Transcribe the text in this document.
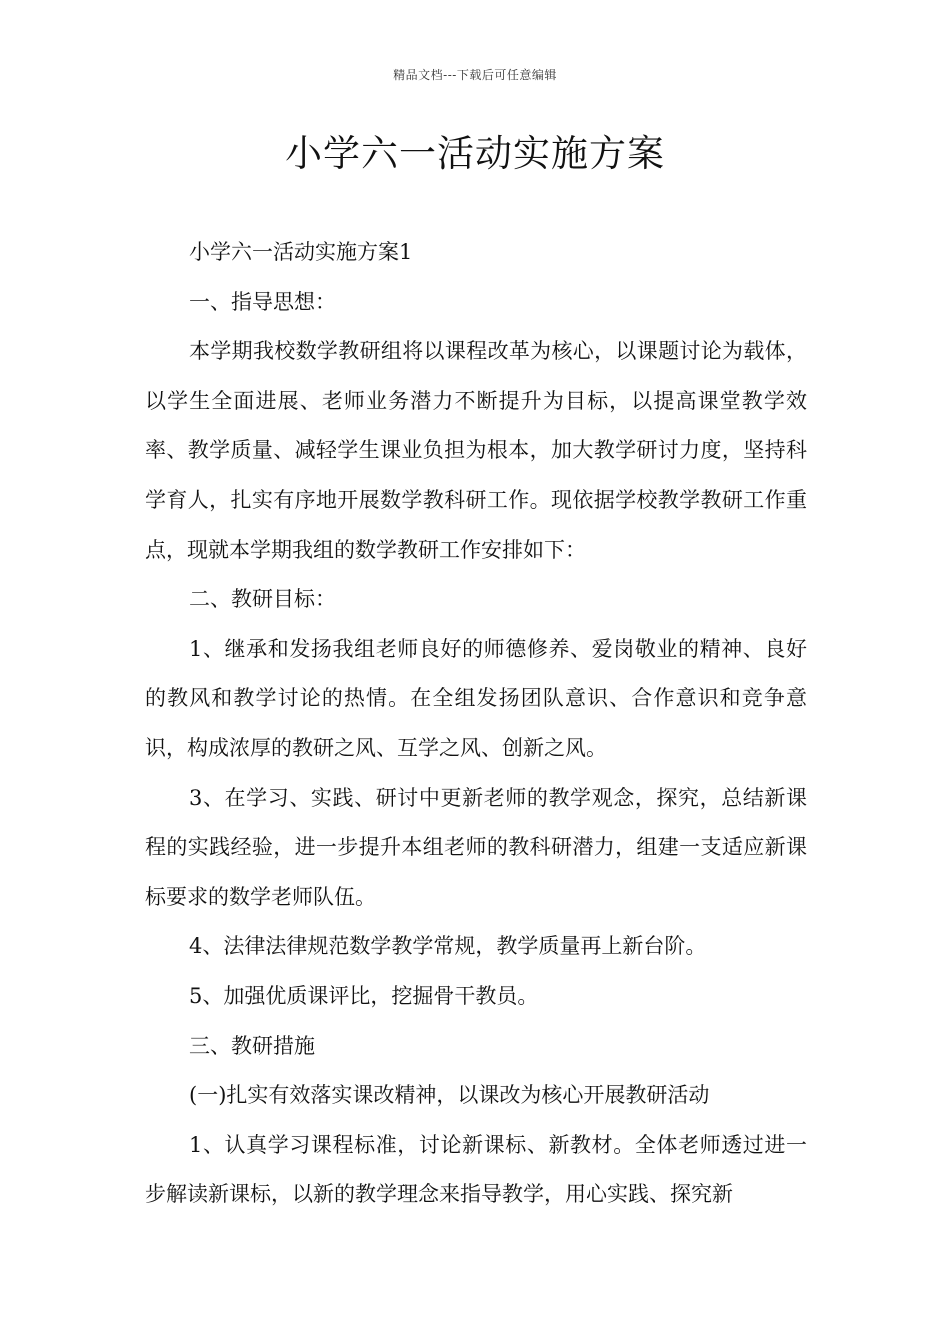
精品文档---下载后可任意编辑
小学六一活动实施方案

小学六一活动实施方案1

一、指导思想：

本学期我校数学教研组将以课程改革为核心，以课题讨论为载体，以学生全面进展、老师业务潜力不断提升为目标，以提高课堂教学效率、教学质量、减轻学生课业负担为根本，加大教学研讨力度，坚持科学育人，扎实有序地开展数学教科研工作。现依据学校教学教研工作重点，现就本学期我组的数学教研工作安排如下：

二、教研目标：

1、继承和发扬我组老师良好的师德修养、爱岗敬业的精神、良好的教风和教学讨论的热情。在全组发扬团队意识、合作意识和竞争意识，构成浓厚的教研之风、互学之风、创新之风。

3、在学习、实践、研讨中更新老师的教学观念，探究，总结新课程的实践经验，进一步提升本组老师的教科研潜力，组建一支适应新课标要求的数学老师队伍。

4、法律法律规范数学教学常规，教学质量再上新台阶。

5、加强优质课评比，挖掘骨干教员。

三、教研措施

(一)扎实有效落实课改精神，以课改为核心开展教研活动

1、认真学习课程标准，讨论新课标、新教材。全体老师透过进一步解读新课标，以新的教学理念来指导教学，用心实践、探究新
